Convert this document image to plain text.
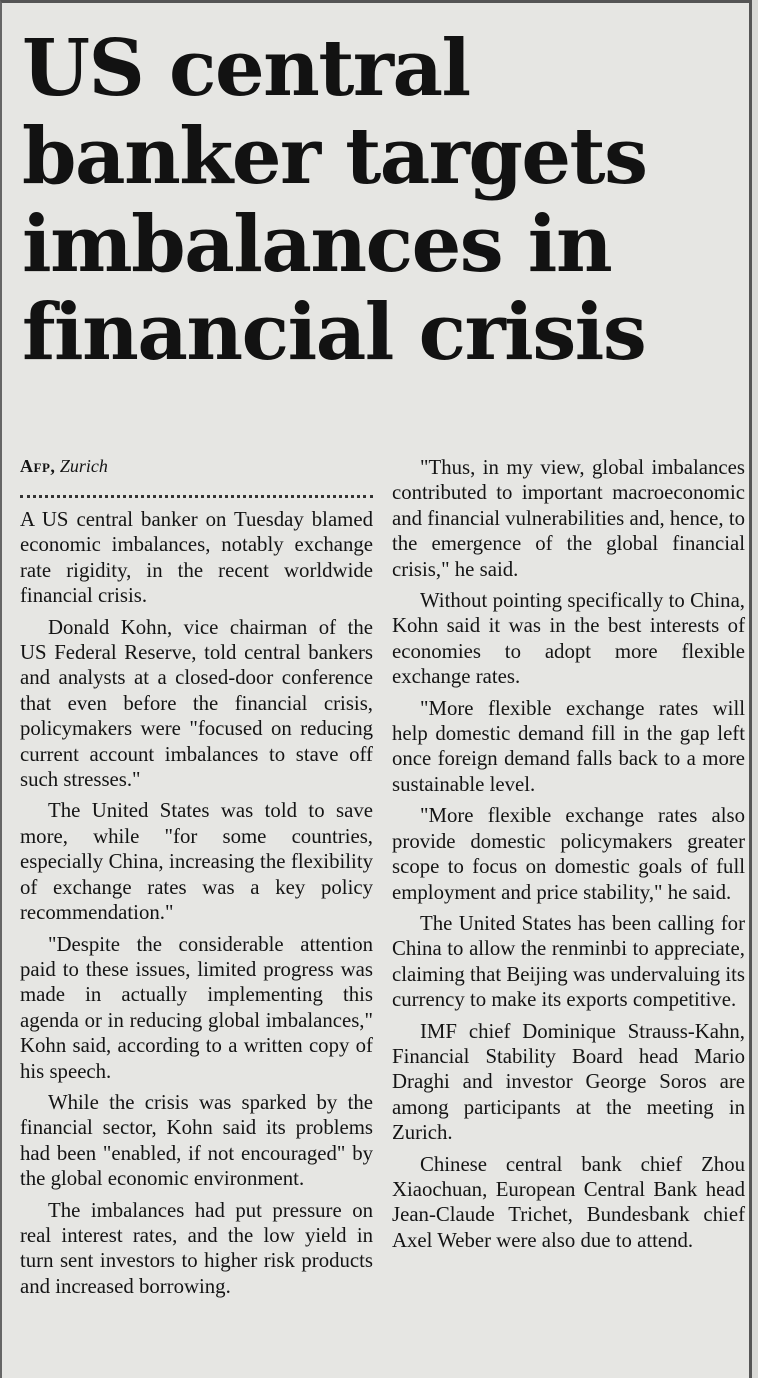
US central
banker targets
imbalances in
financial crisis

Afp, Zurich

A US central banker on Tuesday blamed economic imbalances, notably exchange rate rigidity, in the recent worldwide financial crisis.

Donald Kohn, vice chairman of the US Federal Reserve, told central bankers and analysts at a closed-door conference that even before the financial crisis, policymakers were "focused on reducing current account imbalances to stave off such stresses."

The United States was told to save more, while "for some countries, especially China, increasing the flexibility of exchange rates was a key policy recommendation."

"Despite the considerable attention paid to these issues, limited progress was made in actually implementing this agenda or in reducing global imbalances," Kohn said, according to a written copy of his speech.

While the crisis was sparked by the financial sector, Kohn said its problems had been "enabled, if not encouraged" by the global economic environment.

The imbalances had put pressure on real interest rates, and the low yield in turn sent investors to higher risk products and increased borrowing.

"Thus, in my view, global imbalances contributed to important macroeconomic and financial vulnerabilities and, hence, to the emergence of the global financial crisis," he said.

Without pointing specifically to China, Kohn said it was in the best interests of economies to adopt more flexible exchange rates.

"More flexible exchange rates will help domestic demand fill in the gap left once foreign demand falls back to a more sustainable level.

"More flexible exchange rates also provide domestic policymakers greater scope to focus on domestic goals of full employment and price stability," he said.

The United States has been calling for China to allow the renminbi to appreciate, claiming that Beijing was undervaluing its currency to make its exports competitive.

IMF chief Dominique Strauss-Kahn, Financial Stability Board head Mario Draghi and investor George Soros are among participants at the meeting in Zurich.

Chinese central bank chief Zhou Xiaochuan, European Central Bank head Jean-Claude Trichet, Bundesbank chief Axel Weber were also due to attend.
